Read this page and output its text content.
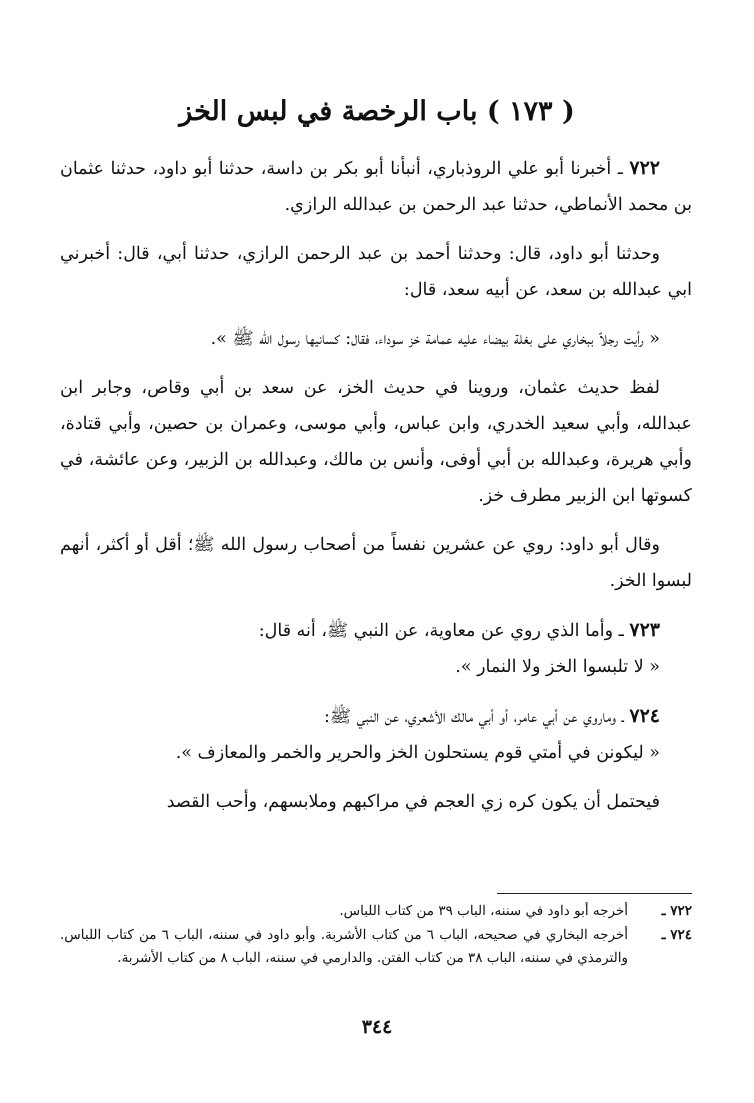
( ١٧٣ ) باب الرخصة في لبس الخز

٧٢٢ ـ أخبرنا أبو علي الروذباري، أنبأنا أبو بكر بن داسة، حدثنا أبو داود، حدثنا عثمان بن محمد الأنماطي، حدثنا عبد الرحمن بن عبدالله الرازي.

وحدثنا أبو داود، قال: وحدثنا أحمد بن عبد الرحمن الرازي، حدثنا أبي، قال: أخبرني ابي عبدالله بن سعد، عن أبيه سعد، قال:

« رأيت رجلاً ببخاري على بغلة بيضاء عليه عمامة خز سوداء، فقال: كسانيها رسول الله ﷺ ».

لفظ حديث عثمان، وروينا في حديث الخز، عن سعد بن أبي وقاص، وجابر ابن عبدالله، وأبي سعيد الخدري، وابن عباس، وأبي موسى، وعمران بن حصين، وأبي قتادة، وأبي هريرة، وعبدالله بن أبي أوفى، وأنس بن مالك، وعبدالله بن الزبير، وعن عائشة، في كسوتها ابن الزبير مطرف خز.

وقال أبو داود: روي عن عشرين نفساً من أصحاب رسول الله ﷺ؛ أقل أو أكثر، أنهم لبسوا الخز.

٧٢٣ ـ وأما الذي روي عن معاوية، عن النبي ﷺ، أنه قال:

« لا تلبسوا الخز ولا النمار ».

٧٢٤ ـ وماروي عن أبي عامر، أو أبي مالك الأشعري، عن النبي ﷺ:

« ليكونن في أمتي قوم يستحلون الخز والحرير والخمر والمعازف ».

فيحتمل أن يكون كره زي العجم في مراكبهم وملابسهم، وأحب القصد

٧٢٢ ـ
أخرجه أبو داود في سننه، الباب ٣٩ من كتاب اللباس.
٧٢٤ ـ
أخرجه البخاري في صحيحه، الباب ٦ من كتاب الأشربة. وأبو داود في سننه، الباب ٦ من كتاب اللباس. والترمذي في سننه، الباب ٣٨ من كتاب الفتن. والدارمي في سننه، الباب ٨ من كتاب الأشربة.
٣٤٤
